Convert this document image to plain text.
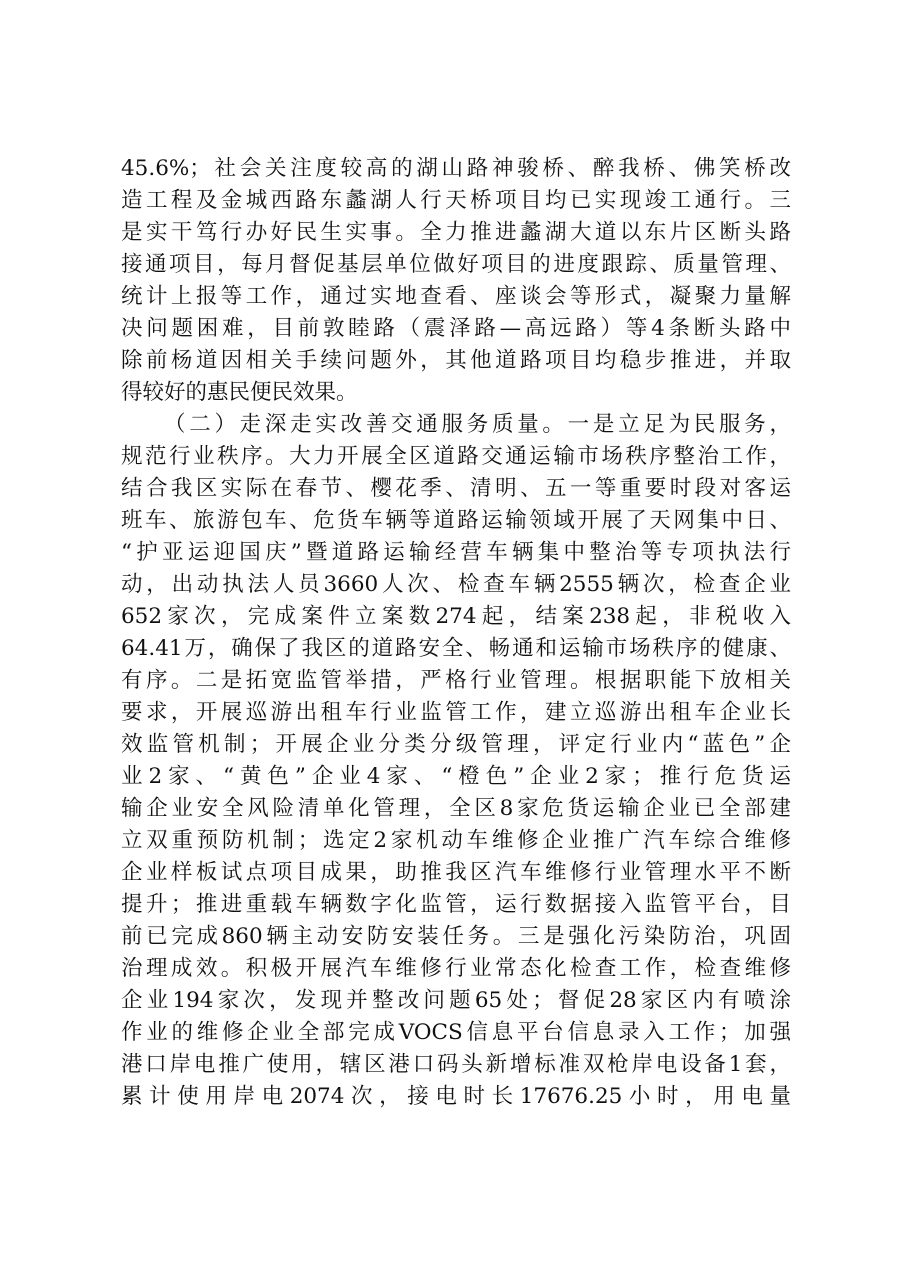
45.6%；社会关注度较高的湖山路神骏桥、醉我桥、佛笑桥改
造工程及金城西路东蠡湖人行天桥项目均已实现竣工通行。三
是实干笃行办好民生实事。全力推进蠡湖大道以东片区断头路
接通项目，每月督促基层单位做好项目的进度跟踪、质量管理、
统计上报等工作，通过实地查看、座谈会等形式，凝聚力量解
决问题困难，目前敦睦路（震泽路—高远路）等4条断头路中
除前杨道因相关手续问题外，其他道路项目均稳步推进，并取
得较好的惠民便民效果。
（二）走深走实改善交通服务质量。一是立足为民服务，
规范行业秩序。大力开展全区道路交通运输市场秩序整治工作，
结合我区实际在春节、樱花季、清明、五一等重要时段对客运
班车、旅游包车、危货车辆等道路运输领域开展了天网集中日、
“护亚运迎国庆”暨道路运输经营车辆集中整治等专项执法行
动，出动执法人员3660人次、检查车辆2555辆次，检查企业
652家次，完成案件立案数274起，结案238起，非税收入
64.41万，确保了我区的道路安全、畅通和运输市场秩序的健康、
有序。二是拓宽监管举措，严格行业管理。根据职能下放相关
要求，开展巡游出租车行业监管工作，建立巡游出租车企业长
效监管机制；开展企业分类分级管理，评定行业内“蓝色”企
业2家、“黄色”企业4家、“橙色”企业2家；推行危货运
输企业安全风险清单化管理，全区8家危货运输企业已全部建
立双重预防机制；选定2家机动车维修企业推广汽车综合维修
企业样板试点项目成果，助推我区汽车维修行业管理水平不断
提升；推进重载车辆数字化监管，运行数据接入监管平台，目
前已完成860辆主动安防安装任务。三是强化污染防治，巩固
治理成效。积极开展汽车维修行业常态化检查工作，检查维修
企业194家次，发现并整改问题65处；督促28家区内有喷涂
作业的维修企业全部完成VOCS信息平台信息录入工作；加强
港口岸电推广使用，辖区港口码头新增标准双枪岸电设备1套，
累计使用岸电2074次，接电时长17676.25小时，用电量
